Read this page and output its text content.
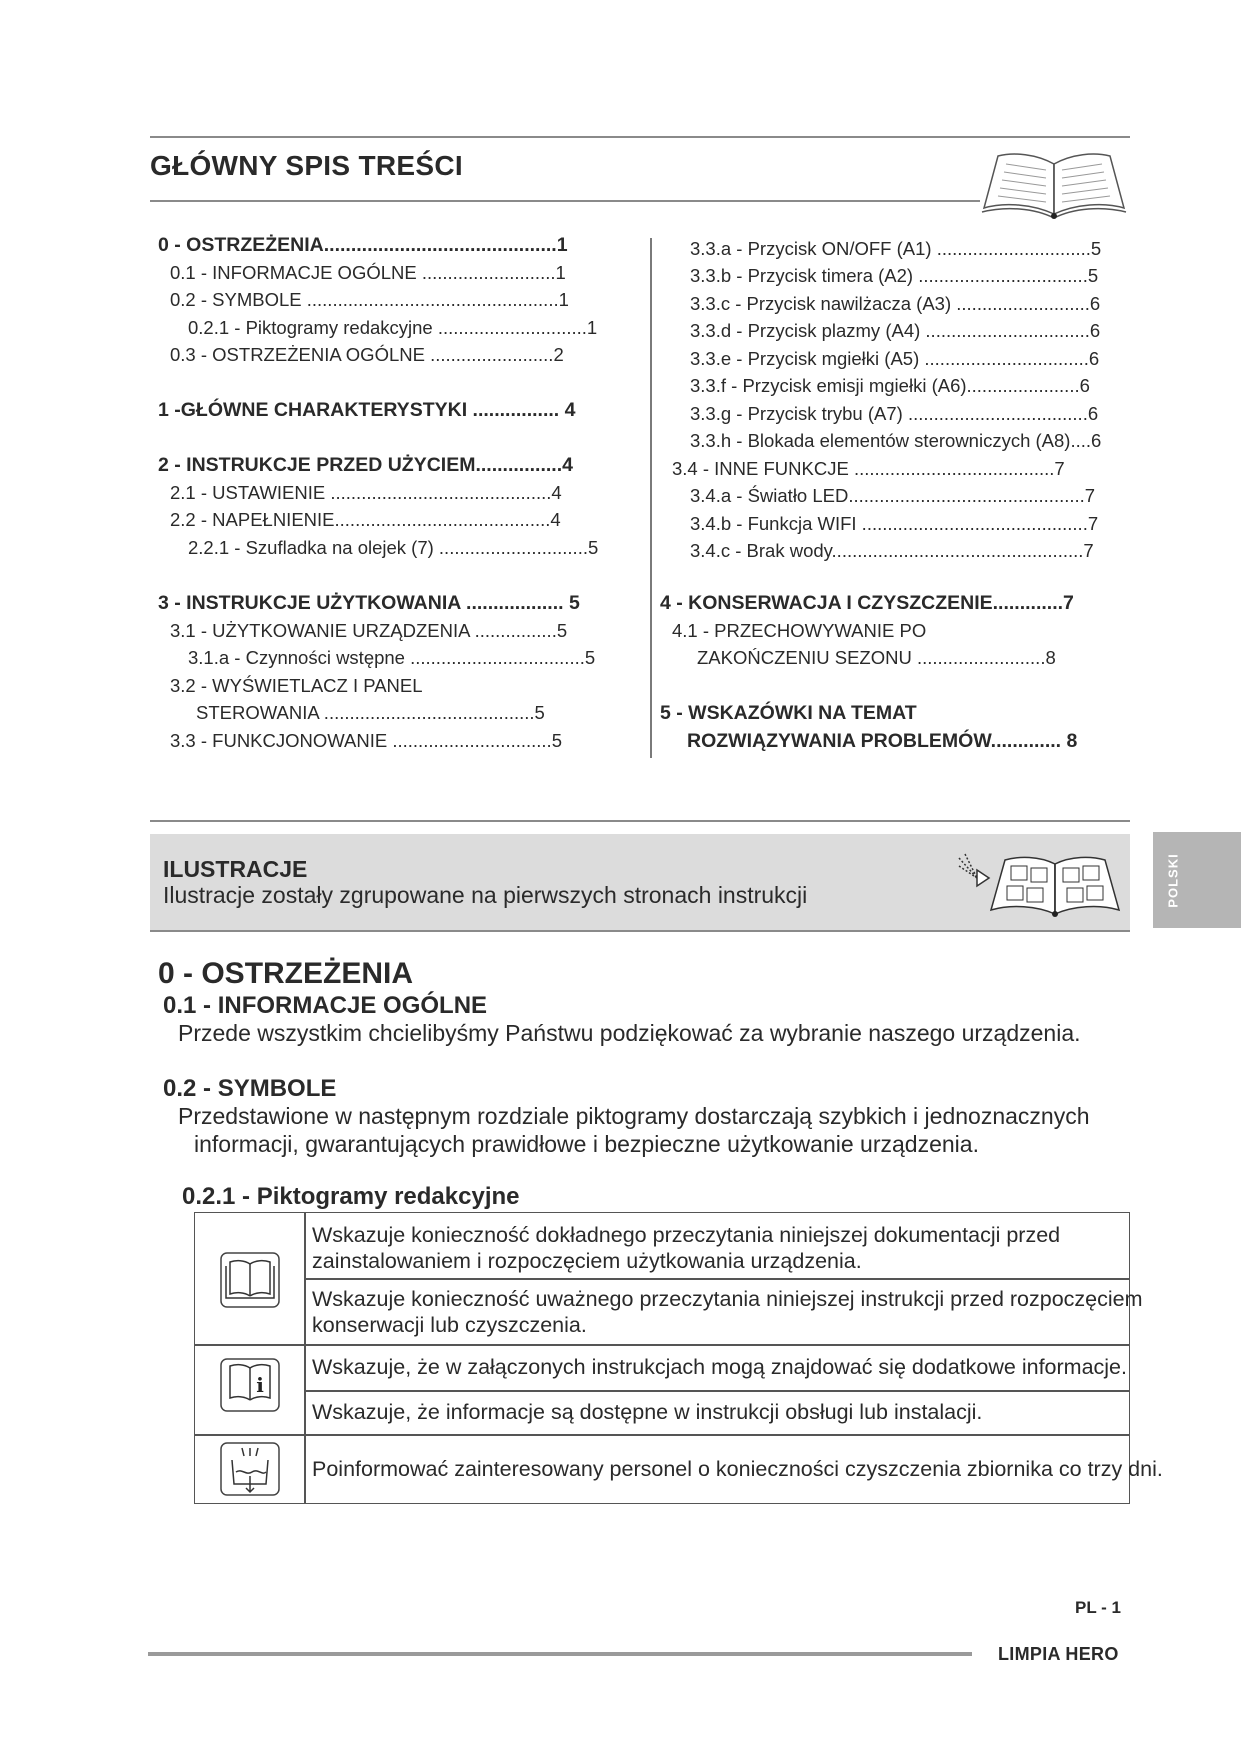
GŁÓWNY SPIS TREŚCI
0 - OSTRZEŻENIA...........................................1
0.1 - INFORMACJE OGÓLNE ..........................1
0.2 - SYMBOLE .................................................1
0.2.1 - Piktogramy redakcyjne .............................1
0.3 - OSTRZEŻENIA OGÓLNE ........................2
1 -GŁÓWNE CHARAKTERYSTYKI ................ 4
2 - INSTRUKCJE PRZED UŻYCIEM................4
2.1 - USTAWIENIE ...........................................4
2.2 - NAPEŁNIENIE..........................................4
2.2.1 - Szufladka na olejek (7) .............................5
3 - INSTRUKCJE UŻYTKOWANIA .................. 5
3.1 - UŻYTKOWANIE URZĄDZENIA ................5
3.1.a - Czynności wstępne ..................................5
3.2 - WYŚWIETLACZ I PANEL
STEROWANIA .........................................5
3.3 - FUNKCJONOWANIE ...............................5
3.3.a - Przycisk ON/OFF (A1) ..............................5
3.3.b - Przycisk timera (A2) .................................5
3.3.c - Przycisk nawilżacza (A3) ..........................6
3.3.d - Przycisk plazmy (A4) ................................6
3.3.e - Przycisk mgiełki (A5) ................................6
3.3.f - Przycisk emisji mgiełki (A6)......................6
3.3.g - Przycisk trybu (A7) ...................................6
3.3.h - Blokada elementów sterowniczych (A8)....6
3.4 - INNE FUNKCJE .......................................7
3.4.a - Światło LED..............................................7
3.4.b - Funkcja WIFI ............................................7
3.4.c - Brak wody.................................................7
4 - KONSERWACJA I CZYSZCZENIE.............7
4.1 - PRZECHOWYWANIE PO
ZAKOŃCZENIU SEZONU .........................8
5 - WSKAZÓWKI NA TEMAT
ROZWIĄZYWANIA PROBLEMÓW............. 8
ILUSTRACJE
Ilustracje zostały zgrupowane na pierwszych stronach instrukcji	POLSKI
0 - OSTRZEŻENIA
0.1 - INFORMACJE OGÓLNE
Przede wszystkim chcielibyśmy Państwu podziękować za wybranie naszego urządzenia.
0.2 - SYMBOLE
Przedstawione w następnym rozdziale piktogramy dostarczają szybkich i jednoznacznych
informacji, gwarantujących prawidłowe i bezpieczne użytkowanie urządzenia.
0.2.1 - Piktogramy redakcyjne
Wskazuje konieczność dokładnego przeczytania niniejszej dokumentacji przed
zainstalowaniem i rozpoczęciem użytkowania urządzenia.
Wskazuje konieczność uważnego przeczytania niniejszej instrukcji przed rozpoczęciem
konserwacji lub czyszczenia.
i
Wskazuje, że w załączonych instrukcjach mogą znajdować się dodatkowe informacje.
Wskazuje, że informacje są dostępne w instrukcji obsługi lub instalacji.
Poinformować zainteresowany personel o konieczności czyszczenia zbiornika co trzy dni.
PL - 1
LIMPIA HERO
